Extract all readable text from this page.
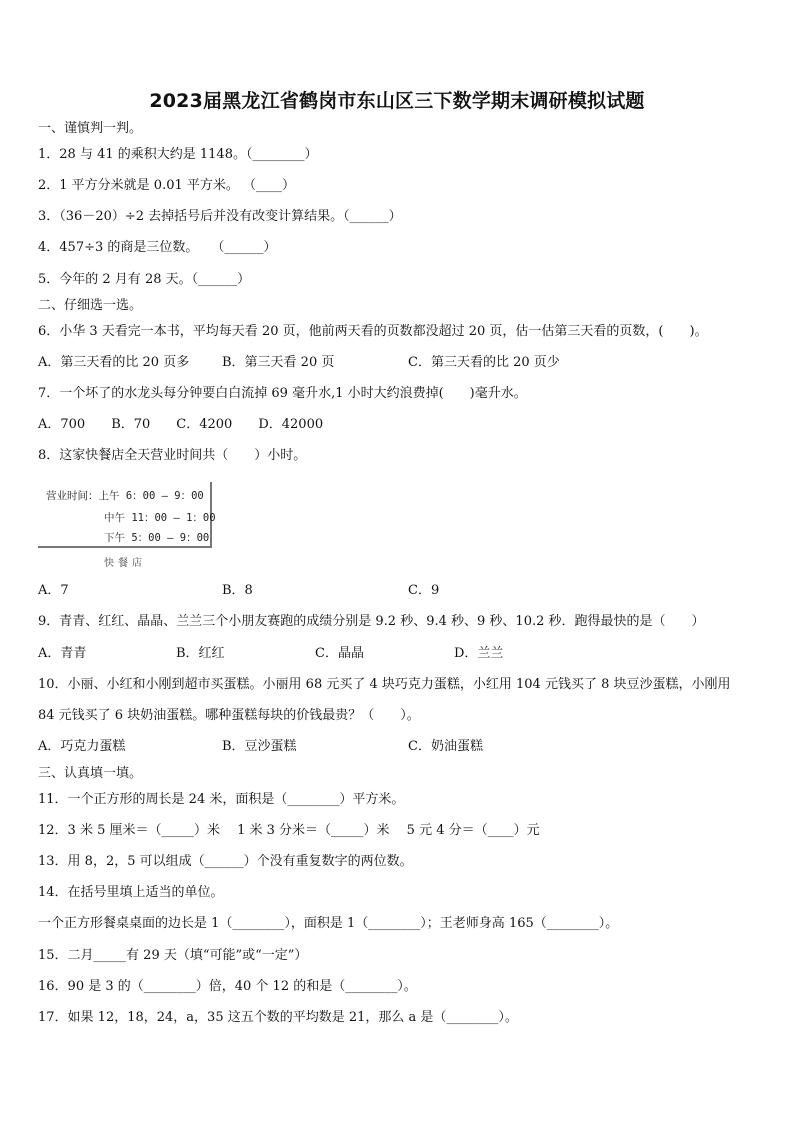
2023届黑龙江省鹤岗市东山区三下数学期末调研模拟试题
一、谨慎判一判。
1．28 与 41 的乘积大约是 1148。（________）
2．1 平方分米就是 0.01 平方米。 （____）
3．（36－20）÷2 去掉括号后并没有改变计算结果。（______）
4．457÷3 的商是三位数。　　（______）
5．今年的 2 月有 28 天。（______）
二、仔细选一选。
6．小华 3 天看完一本书，平均每天看 20 页，他前两天看的页数都没超过 20 页，估一估第三天看的页数，(　　)。
A．第三天看的比 20 页多	B．第三天看 20 页	C．第三天看的比 20 页少
7．一个坏了的水龙头每分钟要白白流掉 69 毫升水,1 小时大约浪费掉(　　)毫升水。
A．700　　B．70　　C．4200　　D．42000
8．这家快餐店全天营业时间共（　　）小时。
营业时间：上午 6：00 — 9：00
中午 11：00 — 1：00
下午 5：00 — 9：00
快餐店
A．7	B．8	C．9
9．青青、红红、晶晶、兰兰三个小朋友赛跑的成绩分别是 9.2 秒、9.4 秒、9 秒、10.2 秒．跑得最快的是（　　）
A．青青	B．红红	C．晶晶	D．兰兰
10．小丽、小红和小刚到超市买蛋糕。小丽用 68 元买了 4 块巧克力蛋糕，小红用 104 元钱买了 8 块豆沙蛋糕，小刚用
84 元钱买了 6 块奶油蛋糕。哪种蛋糕每块的价钱最贵？（　　）。
A．巧克力蛋糕	B．豆沙蛋糕	C．奶油蛋糕
三、认真填一填。
11．一个正方形的周长是 24 米，面积是（________）平方米。
12．3 米 5 厘米＝（_____）米　 1 米 3 分米＝（_____）米　 5 元 4 分＝（____）元
13．用 8，2，5 可以组成（______）个没有重复数字的两位数。
14．在括号里填上适当的单位。
一个正方形餐桌桌面的边长是 1（________），面积是 1（________）；王老师身高 165（________）。
15．二月_____有 29 天（填“可能”或“一定”）
16．90 是 3 的（________）倍，40 个 12 的和是（________）。
17．如果 12，18，24，a，35 这五个数的平均数是 21，那么 a 是（________）。
